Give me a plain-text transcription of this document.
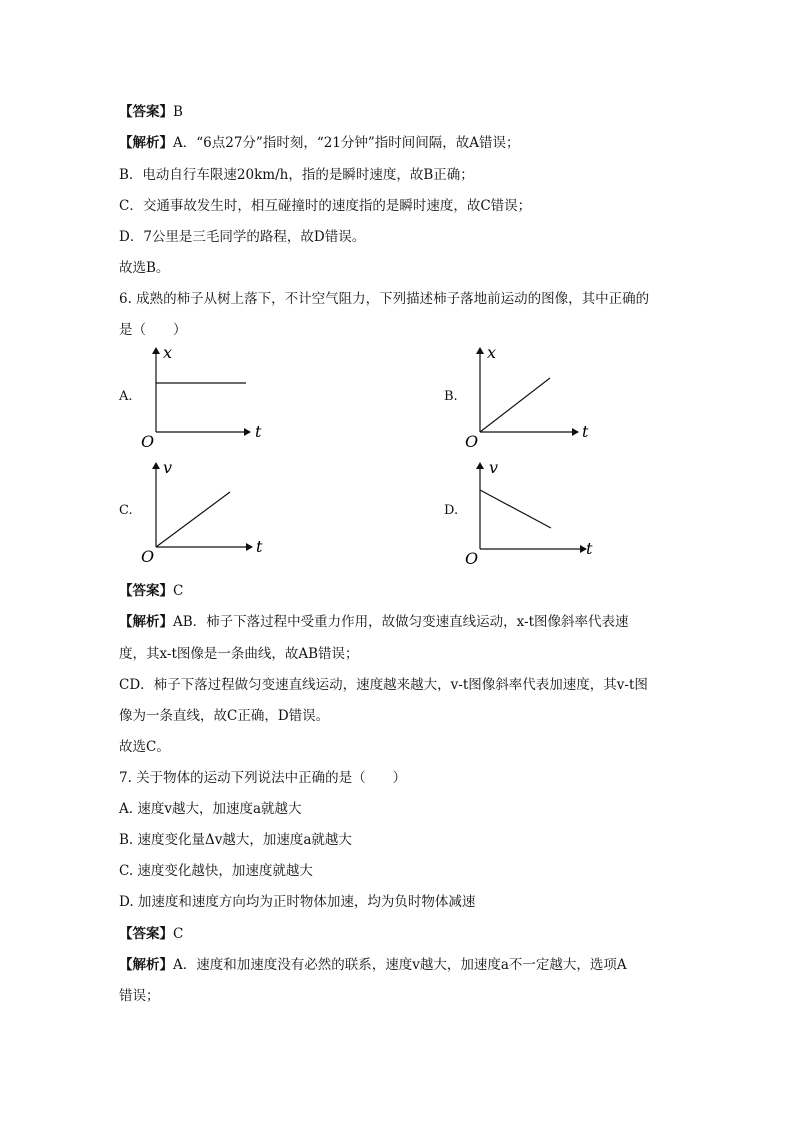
【答案】B
【解析】A．“6点27分”指时刻，“21分钟”指时间间隔，故A错误；
B．电动自行车限速20km/h，指的是瞬时速度，故B正确；
C．交通事故发生时，相互碰撞时的速度指的是瞬时速度，故C错误；
D．7公里是三毛同学的路程，故D错误。
故选B。
6. 成熟的柿子从树上落下，不计空气阻力，下列描述柿子落地前运动的图像，其中正确的
是（　　）
A.
x
t
O
B.
x
t
O
C.
v
t
O
D.
v
t
O
【答案】C
【解析】AB．柿子下落过程中受重力作用，故做匀变速直线运动，x-t图像斜率代表速
度，其x-t图像是一条曲线，故AB错误；
CD．柿子下落过程做匀变速直线运动，速度越来越大，v-t图像斜率代表加速度，其v-t图
像为一条直线，故C正确，D错误。
故选C。
7. 关于物体的运动下列说法中正确的是（　　）
A. 速度v越大，加速度a就越大
B. 速度变化量Δv越大，加速度a就越大
C. 速度变化越快，加速度就越大
D. 加速度和速度方向均为正时物体加速，均为负时物体减速
【答案】C
【解析】A．速度和加速度没有必然的联系，速度v越大，加速度a不一定越大，选项A
错误；
